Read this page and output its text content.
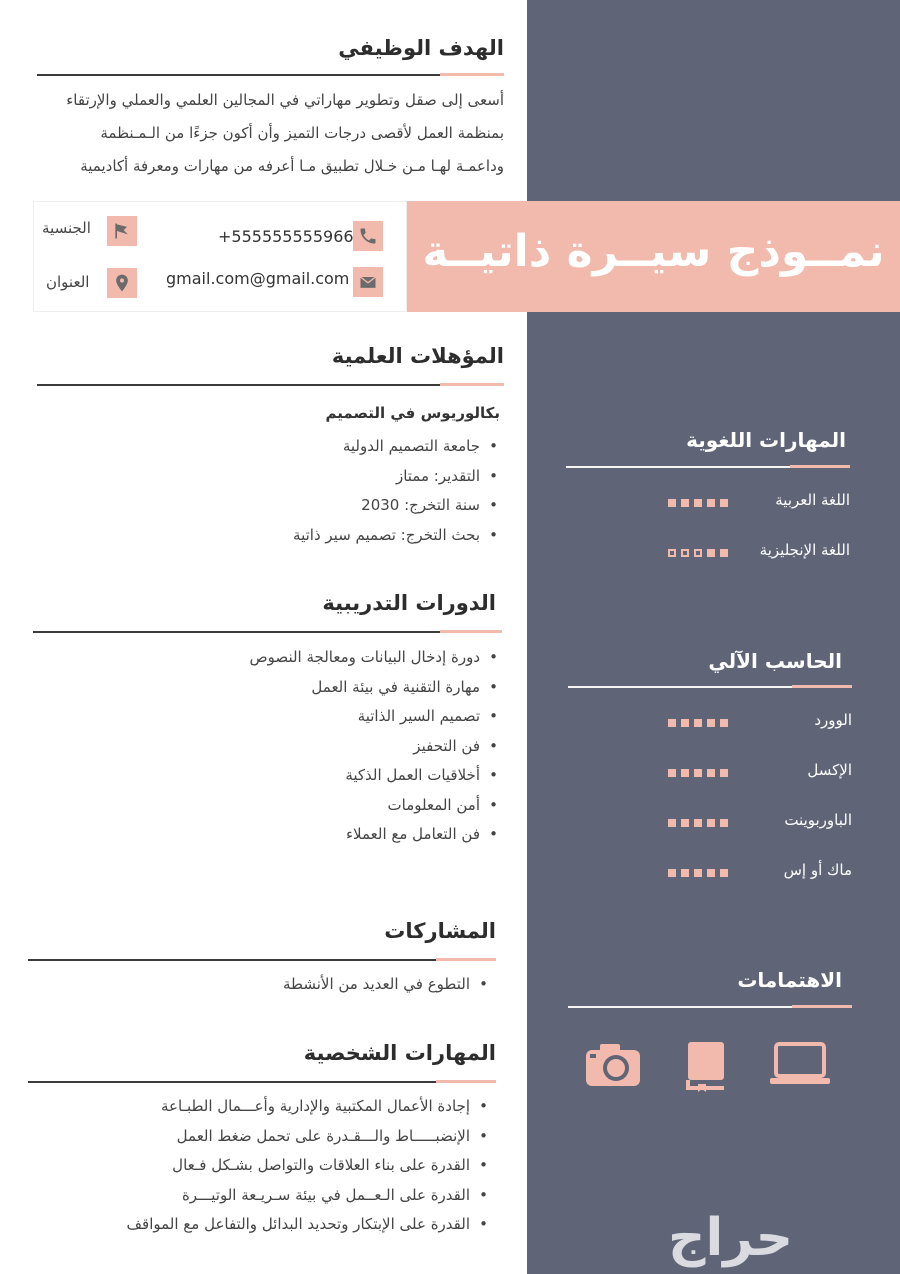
الهدف الوظيفي
أسعى إلى صقل وتطوير مهاراتي في المجالين العلمي والعملي والإرتقاء
بمنظمة العمل لأقصى درجات التميز وأن أكون جزءًا من الـمـنظمة
وداعمـة لهـا مـن خـلال تطبيق مـا أعرفه من مهارات ومعرفة أكاديمية
نمــوذج سيــرة ذاتيــة
+555555555966
gmail.com@gmail.com
الجنسية
العنوان
المؤهلات العلمية
بكالوريوس في التصميم
• جامعة التصميم الدولية
• التقدير: ممتاز
• سنة التخرج: 2030
• بحث التخرج: تصميم سير ذاتية
الدورات التدريبية
• دورة إدخال البيانات ومعالجة النصوص
• مهارة التقنية في بيئة العمل
• تصميم السير الذاتية
• فن التحفيز
• أخلاقيات العمل الذكية
• أمن المعلومات
• فن التعامل مع العملاء
المشاركات
• التطوع في العديد من الأنشطة
المهارات الشخصية
• إجادة الأعمال المكتبية والإدارية وأعـــمال الطبـاعة
• الإنضبـــــاط والـــقـدرة على تحمل ضغط العمل
• القدرة على بناء العلاقات والتواصل بشـكل فـعال
• القدرة على الـعــمل في بيئة سـريـعة الوتيـــرة
• القدرة على الإبتكار وتحديد البدائل والتفاعل مع المواقف
المهارات اللغوية
اللغة العربية
اللغة الإنجليزية
الحاسب الآلي
الوورد
الإكسل
الباوربوينت
ماك أو إس
الاهتمامات
حراج
